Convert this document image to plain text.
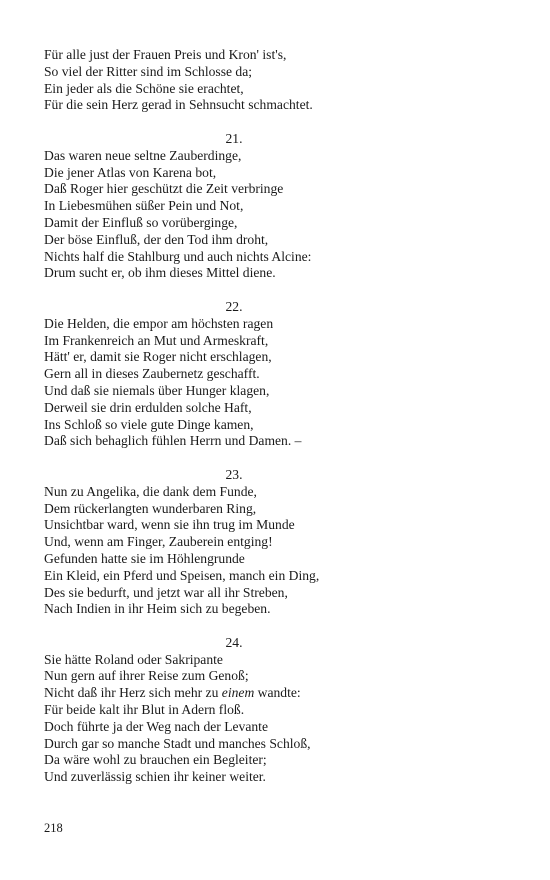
Für alle just der Frauen Preis und Kron' ist's,
So viel der Ritter sind im Schlosse da;
Ein jeder als die Schöne sie erachtet,
Für die sein Herz gerad in Sehnsucht schmachtet.
21.
Das waren neue seltne Zauberdinge,
Die jener Atlas von Karena bot,
Daß Roger hier geschützt die Zeit verbringe
In Liebesmühen süßer Pein und Not,
Damit der Einfluß so vorüberginge,
Der böse Einfluß, der den Tod ihm droht,
Nichts half die Stahlburg und auch nichts Alcine:
Drum sucht er, ob ihm dieses Mittel diene.
22.
Die Helden, die empor am höchsten ragen
Im Frankenreich an Mut und Armeskraft,
Hätt' er, damit sie Roger nicht erschlagen,
Gern all in dieses Zaubernetz geschafft.
Und daß sie niemals über Hunger klagen,
Derweil sie drin erdulden solche Haft,
Ins Schloß so viele gute Dinge kamen,
Daß sich behaglich fühlen Herrn und Damen. –
23.
Nun zu Angelika, die dank dem Funde,
Dem rückerlangten wunderbaren Ring,
Unsichtbar ward, wenn sie ihn trug im Munde
Und, wenn am Finger, Zauberein entging!
Gefunden hatte sie im Höhlengrunde
Ein Kleid, ein Pferd und Speisen, manch ein Ding,
Des sie bedurft, und jetzt war all ihr Streben,
Nach Indien in ihr Heim sich zu begeben.
24.
Sie hätte Roland oder Sakripante
Nun gern auf ihrer Reise zum Genoß;
Nicht daß ihr Herz sich mehr zu einem wandte:
Für beide kalt ihr Blut in Adern floß.
Doch führte ja der Weg nach der Levante
Durch gar so manche Stadt und manches Schloß,
Da wäre wohl zu brauchen ein Begleiter;
Und zuverlässig schien ihr keiner weiter.
218
